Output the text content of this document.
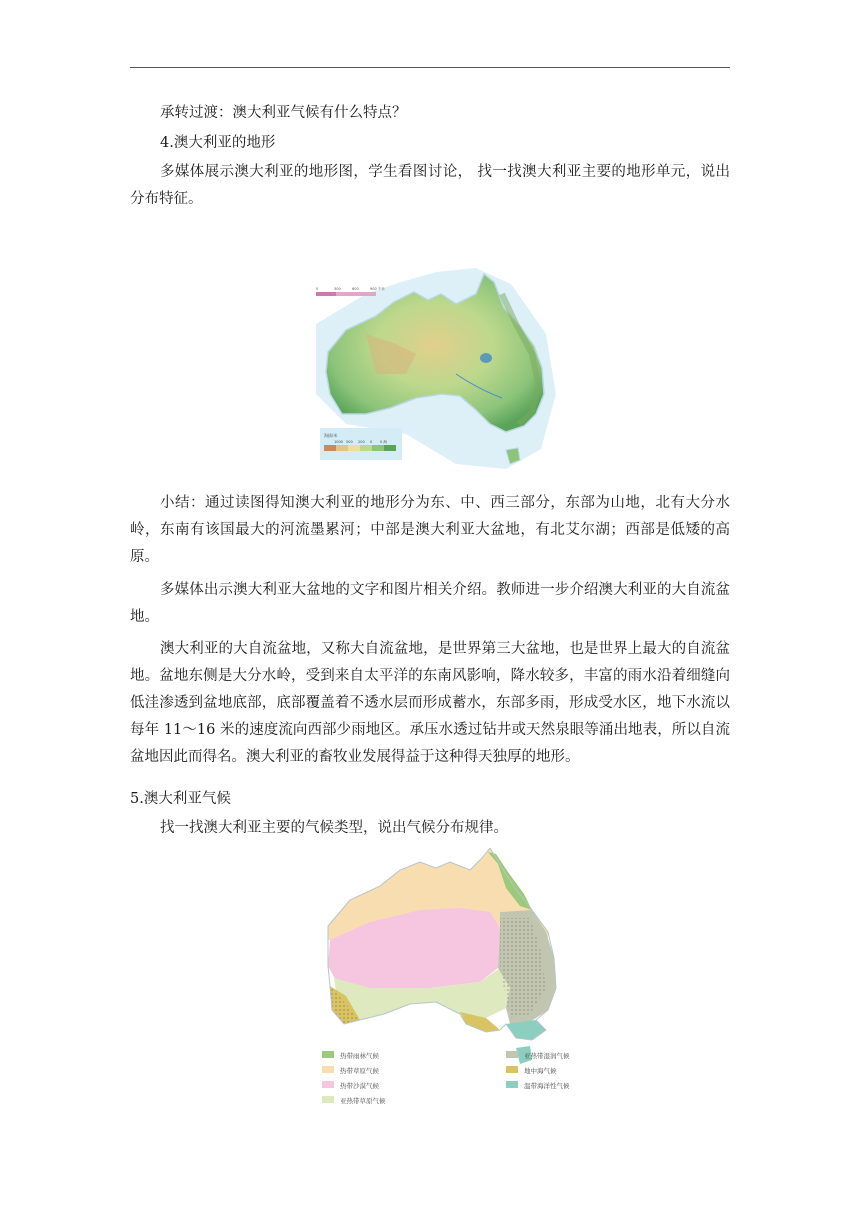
承转过渡：澳大利亚气候有什么特点？
4.澳大利亚的地形
多媒体展示澳大利亚的地形图，学生看图讨论， 找一找澳大利亚主要的地形单元，说出分布特征。
0	300	600	900 千米
海拔/米
1000 500 200 0 0 海
小结：通过读图得知澳大利亚的地形分为东、中、西三部分，东部为山地，北有大分水岭，东南有该国最大的河流墨累河；中部是澳大利亚大盆地，有北艾尔湖；西部是低矮的高原。
多媒体出示澳大利亚大盆地的文字和图片相关介绍。教师进一步介绍澳大利亚的大自流盆地。
澳大利亚的大自流盆地，又称大自流盆地，是世界第三大盆地，也是世界上最大的自流盆地。盆地东侧是大分水岭，受到来自太平洋的东南风影响，降水较多，丰富的雨水沿着细缝向低洼渗透到盆地底部，底部覆盖着不透水层而形成蓄水，东部多雨，形成受水区，地下水流以每年 11～16 米的速度流向西部少雨地区。承压水透过钻井或天然泉眼等涌出地表，所以自流盆地因此而得名。澳大利亚的畜牧业发展得益于这种得天独厚的地形。
5.澳大利亚气候
找一找澳大利亚主要的气候类型，说出气候分布规律。
热带雨林气候	亚热带湿润气候
热带草原气候	地中海气候
热带沙漠气候	温带海洋性气候
亚热带草原气候
